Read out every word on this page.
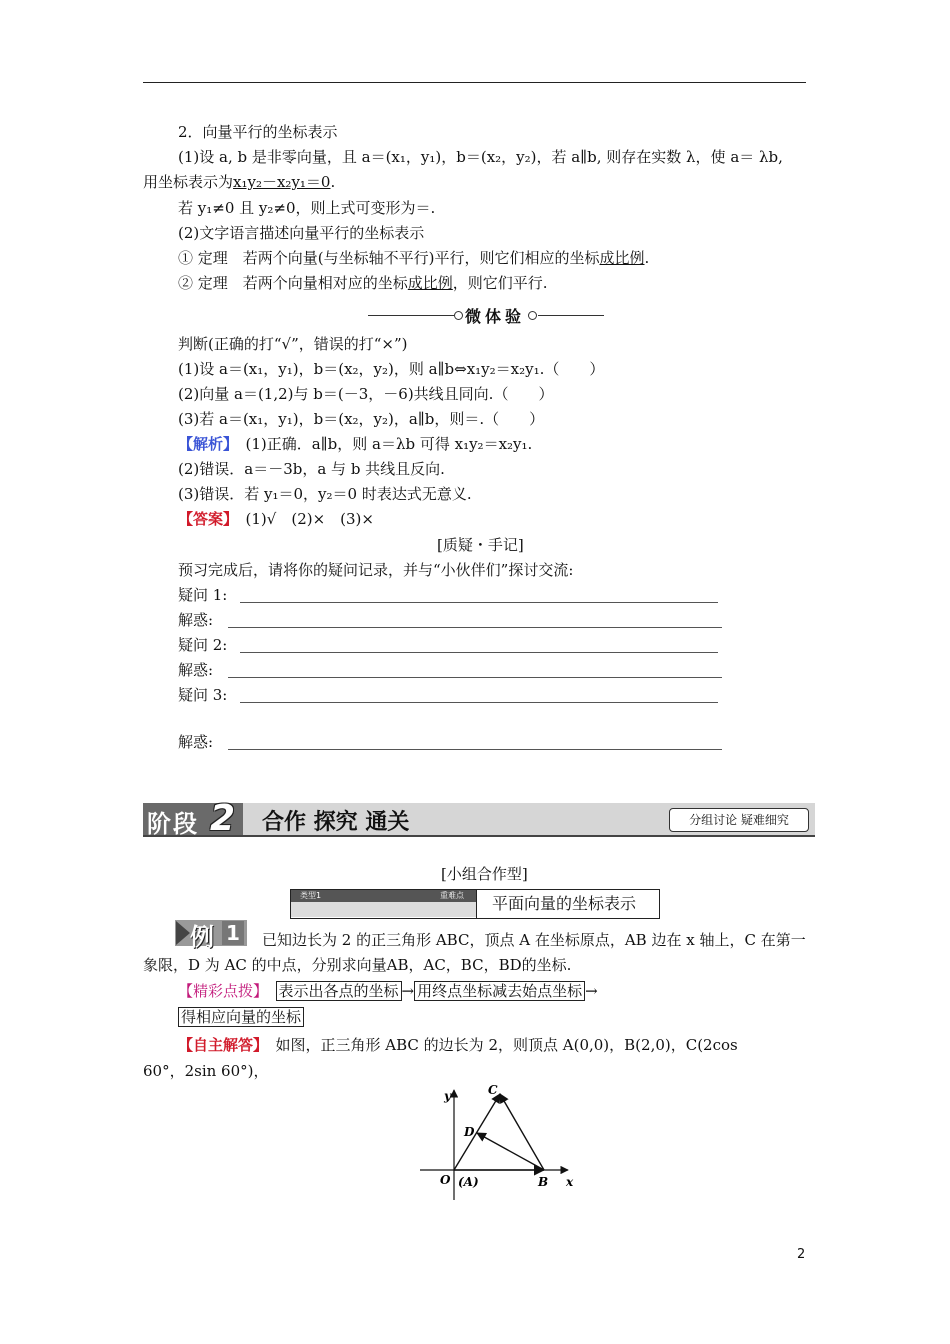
2．向量平行的坐标表示
(1)设 a, b 是非零向量，且 a＝(x₁，y₁)，b＝(x₂，y₂)，若 a∥b, 则存在实数 λ，使 a＝ λb,
用坐标表示为x₁y₂－x₂y₁＝0.
若 y₁≠0 且 y₂≠0，则上式可变形为＝.
(2)文字语言描述向量平行的坐标表示
① 定理　若两个向量(与坐标轴不平行)平行，则它们相应的坐标成比例.
② 定理　若两个向量相对应的坐标成比例，则它们平行.
微体验
判断(正确的打“√”，错误的打“×”)
(1)设 a＝(x₁，y₁)，b＝(x₂，y₂)，则 a∥b⇔x₁y₂＝x₂y₁.（　　）
(2)向量 a＝(1,2)与 b＝(－3，－6)共线且同向.（　　）
(3)若 a＝(x₁，y₁)，b＝(x₂，y₂)，a∥b，则＝.（　　）
【解析】　 (1)正确．a∥b，则 a＝λb 可得 x₁y₂＝x₂y₁.
(2)错误．a＝－3b，a 与 b 共线且反向.
(3)错误．若 y₁＝0，y₂＝0 时表达式无意义.
【答案】　 (1)√　(2)×　(3)×
[质疑・手记]
预习完成后，请将你的疑问记录，并与“小伙伴们”探讨交流:
疑问 1:
解惑:
疑问 2:
解惑:
疑问 3:
解惑:
阶段 2	合作 探究 通关	分组讨论 疑难细究
[小组合作型]
类型1	重难点 平面向量的坐标表示
例 1 已知边长为 2 的正三角形 ABC，顶点 A 在坐标原点，AB 边在 x 轴上，C 在第一
象限，D 为 AC 的中点，分别求向量AB，AC，BC，BD的坐标.
【精彩点拨】　 表示出各点的坐标 → 用终点坐标减去始点坐标 →
得相应向量的坐标
【自主解答】　 如图，正三角形 ABC 的边长为 2，则顶点 A(0,0)，B(2,0)，C(2cos
60°，2sin 60°)，
y
x
O (A)	B
C
D
2
